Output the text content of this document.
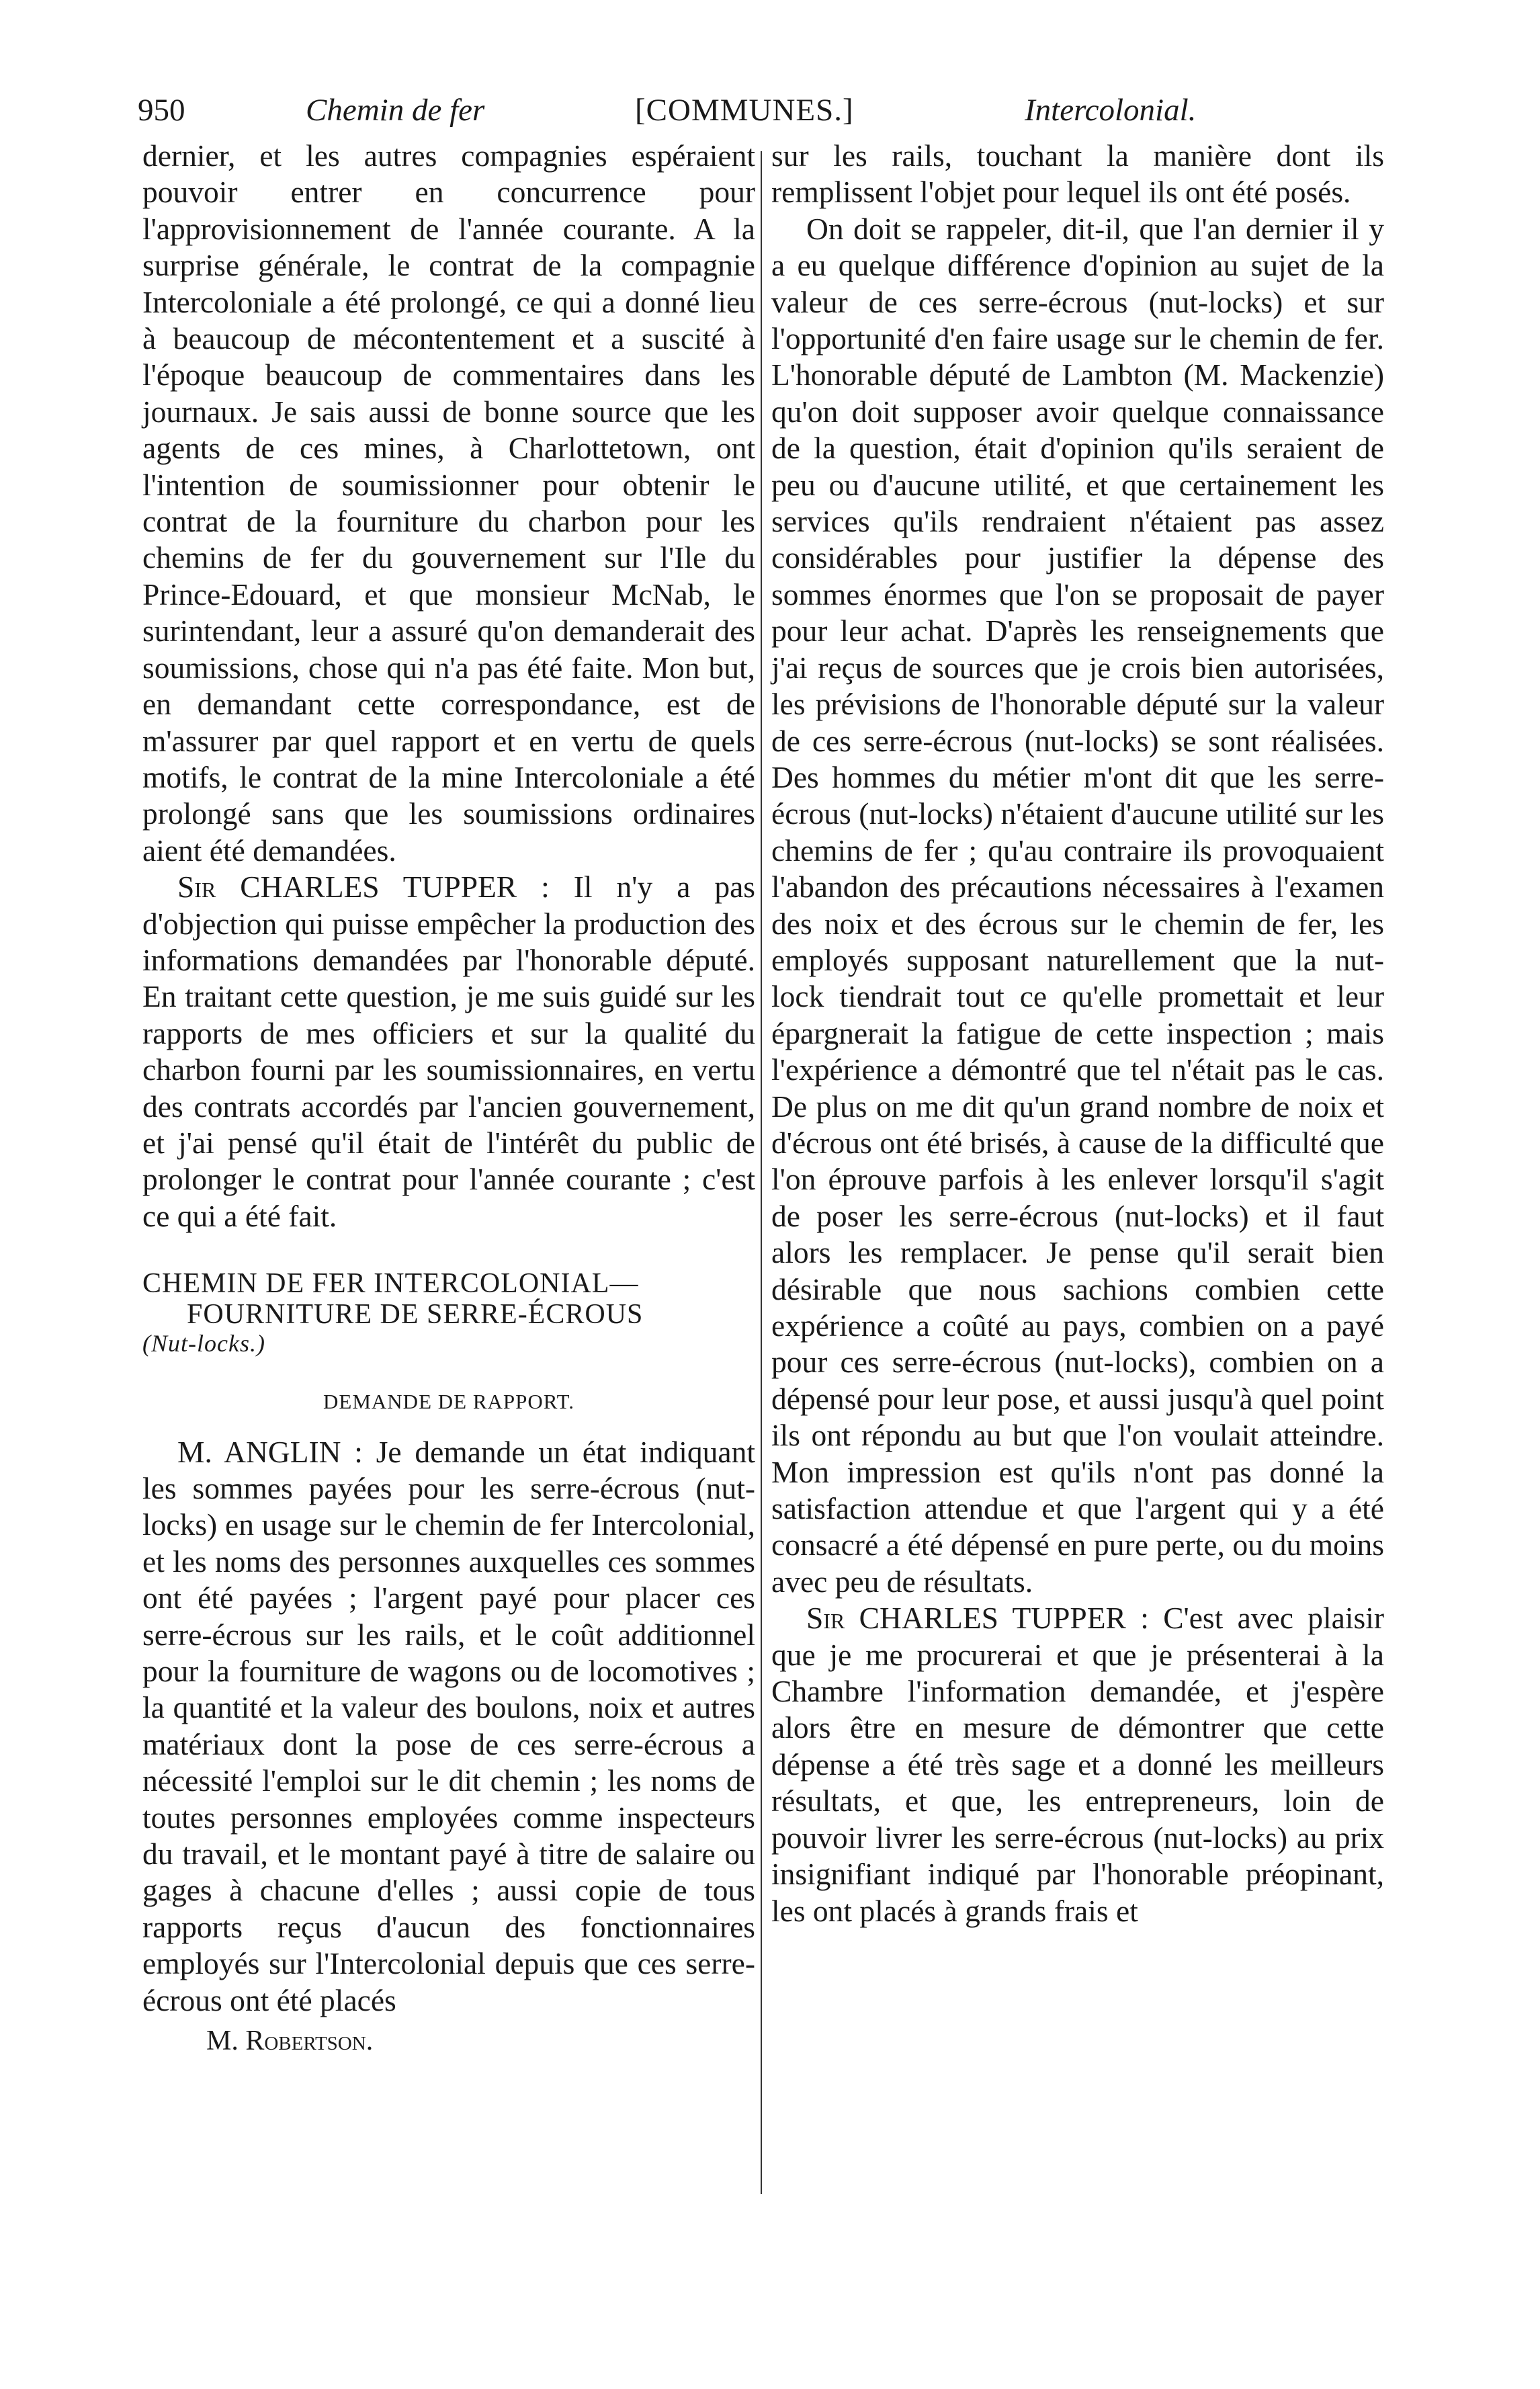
950	Chemin de fer	[COMMUNES.]	Intercolonial.

dernier, et les autres compagnies espéraient pouvoir entrer en concurrence pour l'approvisionnement de l'année courante. A la surprise générale, le contrat de la compagnie Intercoloniale a été prolongé, ce qui a donné lieu à beaucoup de mécontentement et a suscité à l'époque beaucoup de commentaires dans les journaux. Je sais aussi de bonne source que les agents de ces mines, à Charlottetown, ont l'intention de soumissionner pour obtenir le contrat de la fourniture du charbon pour les chemins de fer du gouvernement sur l'Ile du Prince-Edouard, et que monsieur McNab, le surintendant, leur a assuré qu'on demanderait des soumissions, chose qui n'a pas été faite. Mon but, en demandant cette correspondance, est de m'assurer par quel rapport et en vertu de quels motifs, le contrat de la mine Intercoloniale a été prolongé sans que les soumissions ordinaires aient été demandées.

Sir CHARLES TUPPER : Il n'y a pas d'objection qui puisse empêcher la production des informations demandées par l'honorable député. En traitant cette question, je me suis guidé sur les rapports de mes officiers et sur la qualité du charbon fourni par les soumissionnaires, en vertu des contrats accordés par l'ancien gouvernement, et j'ai pensé qu'il était de l'intérêt du public de prolonger le contrat pour l'année courante ; c'est ce qui a été fait.

CHEMIN DE FER INTERCOLONIAL—
FOURNITURE DE SERRE-ÉCROUS
(Nut-locks.)
DEMANDE DE RAPPORT.

M. ANGLIN : Je demande un état indiquant les sommes payées pour les serre-écrous (nut-locks) en usage sur le chemin de fer Intercolonial, et les noms des personnes auxquelles ces sommes ont été payées ; l'argent payé pour placer ces serre-écrous sur les rails, et le coût additionnel pour la fourniture de wagons ou de locomotives ; la quantité et la valeur des boulons, noix et autres matériaux dont la pose de ces serre-écrous a nécessité l'emploi sur le dit chemin ; les noms de toutes personnes employées comme inspecteurs du travail, et le montant payé à titre de salaire ou gages à chacune d'elles ; aussi copie de tous rapports reçus d'aucun des fonctionnaires employés sur l'Intercolonial depuis que ces serre-écrous ont été placés

M. Robertson.

sur les rails, touchant la manière dont ils remplissent l'objet pour lequel ils ont été posés.

On doit se rappeler, dit-il, que l'an dernier il y a eu quelque différence d'opinion au sujet de la valeur de ces serre-écrous (nut-locks) et sur l'opportunité d'en faire usage sur le chemin de fer. L'honorable député de Lambton (M. Mackenzie) qu'on doit supposer avoir quelque connaissance de la question, était d'opinion qu'ils seraient de peu ou d'aucune utilité, et que certainement les services qu'ils rendraient n'étaient pas assez considérables pour justifier la dépense des sommes énormes que l'on se proposait de payer pour leur achat. D'après les renseignements que j'ai reçus de sources que je crois bien autorisées, les prévisions de l'honorable député sur la valeur de ces serre-écrous (nut-locks) se sont réalisées. Des hommes du métier m'ont dit que les serre-écrous (nut-locks) n'étaient d'aucune utilité sur les chemins de fer ; qu'au contraire ils provoquaient l'abandon des précautions nécessaires à l'examen des noix et des écrous sur le chemin de fer, les employés supposant naturellement que la nut-lock tiendrait tout ce qu'elle promettait et leur épargnerait la fatigue de cette inspection ; mais l'expérience a démontré que tel n'était pas le cas. De plus on me dit qu'un grand nombre de noix et d'écrous ont été brisés, à cause de la difficulté que l'on éprouve parfois à les enlever lorsqu'il s'agit de poser les serre-écrous (nut-locks) et il faut alors les remplacer. Je pense qu'il serait bien désirable que nous sachions combien cette expérience a coûté au pays, combien on a payé pour ces serre-écrous (nut-locks), combien on a dépensé pour leur pose, et aussi jusqu'à quel point ils ont répondu au but que l'on voulait atteindre. Mon impression est qu'ils n'ont pas donné la satisfaction attendue et que l'argent qui y a été consacré a été dépensé en pure perte, ou du moins avec peu de résultats.

Sir CHARLES TUPPER : C'est avec plaisir que je me procurerai et que je présenterai à la Chambre l'information demandée, et j'espère alors être en mesure de démontrer que cette dépense a été très sage et a donné les meilleurs résultats, et que, les entrepreneurs, loin de pouvoir livrer les serre-écrous (nut-locks) au prix insignifiant indiqué par l'honorable préopinant, les ont placés à grands frais et
